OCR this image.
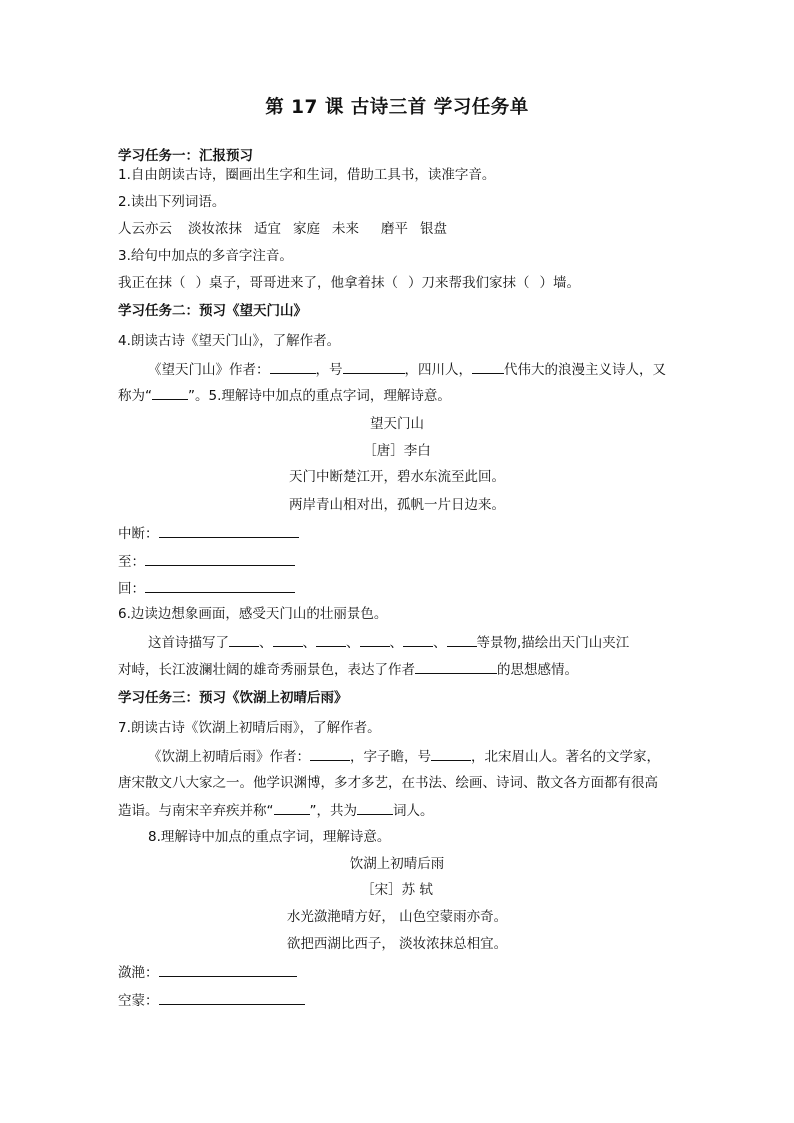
第 17 课 古诗三首 学习任务单
学习任务一：汇报预习
1.自由朗读古诗，圈画出生字和生词，借助工具书，读准字音。
2.读出下列词语。
人云亦云 淡妆浓抹 适宜 家庭 未来 磨平 银盘
3.给句中加点的多音字注音。
我正在抹（ ）桌子，哥哥进来了，他拿着抹（ ）刀来帮我们家抹（ ）墙。
学习任务二：预习《望天门山》
4.朗读古诗《望天门山》，了解作者。
《望天门山》作者：	，号	，四川人， 代伟大的浪漫主义诗人，又
称为“	”。5.理解诗中加点的重点字词，理解诗意。
望天门山
［唐］李白
天门中断楚江开，碧水东流至此回。
两岸青山相对出，孤帆一片日边来。
中断：
至：
回：
6.边读边想象画面，感受天门山的壮丽景色。
这首诗描写了 、 、 、 、 、 等景物,描绘出天门山夹江
对峙，长江波澜壮阔的雄奇秀丽景色，表达了作者	的思想感情。
学习任务三：预习《饮湖上初晴后雨》
7.朗读古诗《饮湖上初晴后雨》，了解作者。
《饮湖上初晴后雨》作者：	，字子瞻，号	，北宋眉山人。著名的文学家，
唐宋散文八大家之一。他学识渊博，多才多艺，在书法、绘画、诗词、散文各方面都有很高
造诣。与南宋辛弃疾并称“	”，共为	词人。
8.理解诗中加点的重点字词，理解诗意。
饮湖上初晴后雨
［宋］苏 轼
水光潋滟晴方好， 山色空蒙雨亦奇。
欲把西湖比西子， 淡妆浓抹总相宜。
潋滟：
空蒙：
